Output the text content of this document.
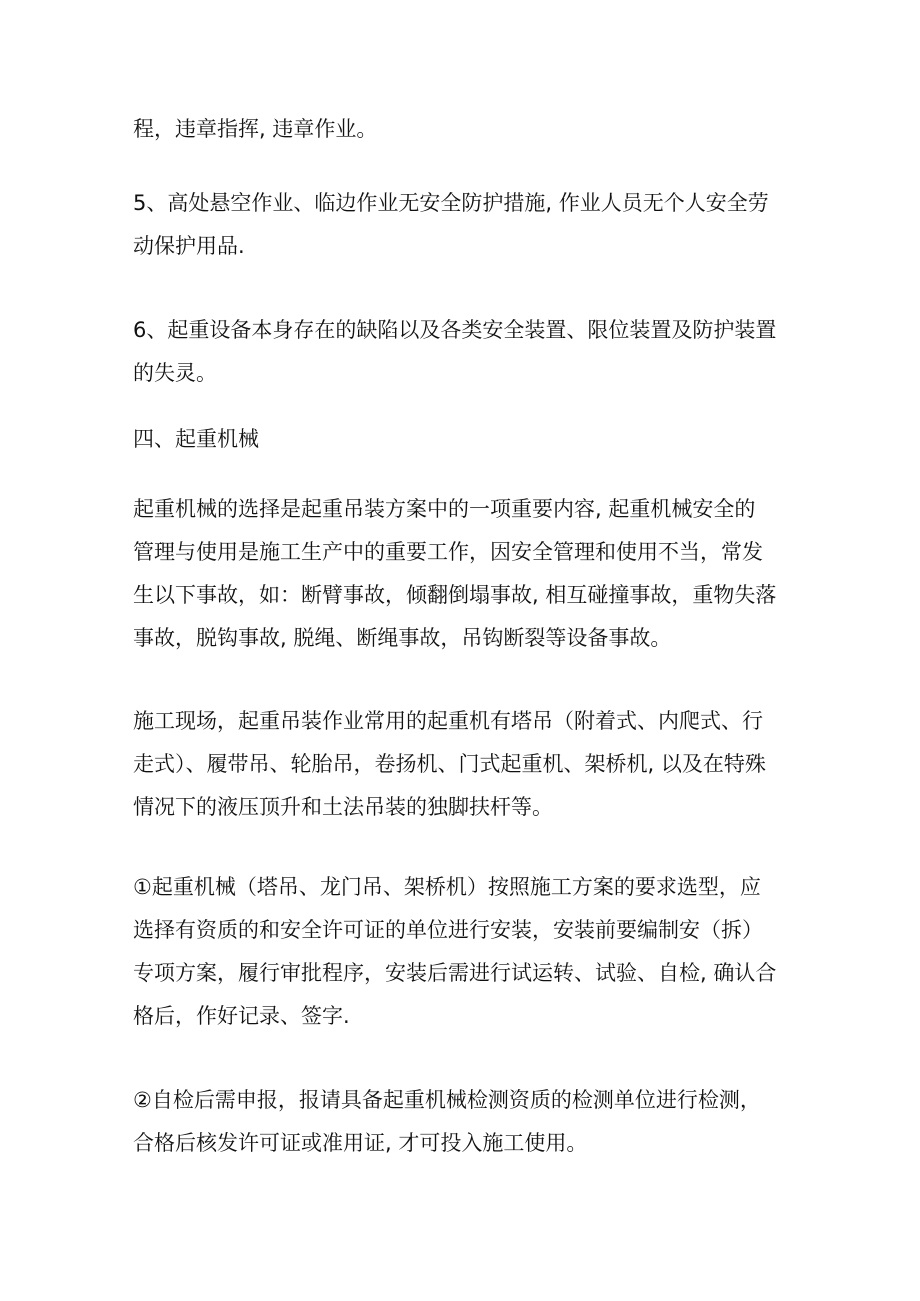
程，违章指挥, 违章作业。

5、高处悬空作业、临边作业无安全防护措施, 作业人员无个人安全劳
动保护用品.

6、起重设备本身存在的缺陷以及各类安全装置、限位装置及防护装置
的失灵。

四、起重机械

起重机械的选择是起重吊装方案中的一项重要内容, 起重机械安全的
管理与使用是施工生产中的重要工作，因安全管理和使用不当，常发
生以下事故，如：断臂事故，倾翻倒塌事故, 相互碰撞事故，重物失落
事故，脱钩事故, 脱绳、断绳事故，吊钩断裂等设备事故。

施工现场，起重吊装作业常用的起重机有塔吊（附着式、内爬式、行
走式）、履带吊、轮胎吊，卷扬机、门式起重机、架桥机, 以及在特殊
情况下的液压顶升和土法吊装的独脚扶杆等。

①起重机械（塔吊、龙门吊、架桥机）按照施工方案的要求选型，应
选择有资质的和安全许可证的单位进行安装，安装前要编制安（拆）
专项方案，履行审批程序，安装后需进行试运转、试验、自检, 确认合
格后，作好记录、签字.

②自检后需申报，报请具备起重机械检测资质的检测单位进行检测，
合格后核发许可证或准用证, 才可投入施工使用。
